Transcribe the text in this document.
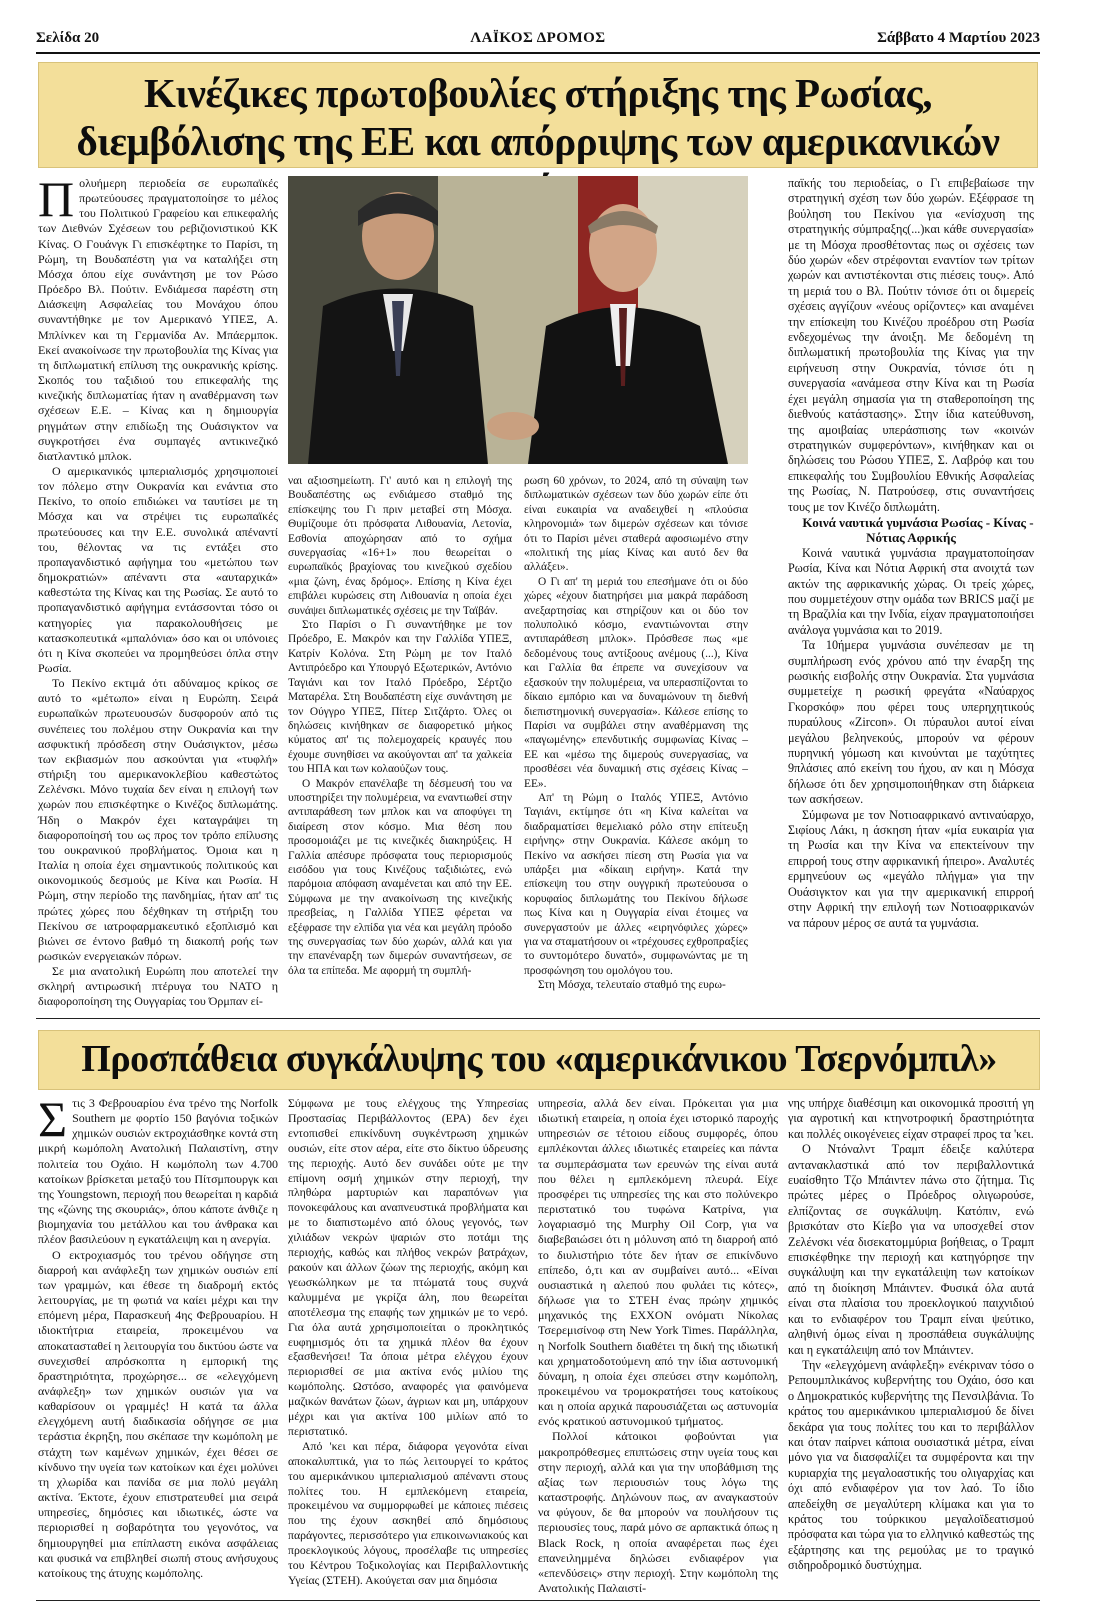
Σελίδα 20	ΛΑΪΚΟΣ ΔΡΟΜΟΣ	Σάββατο 4 Μαρτίου 2023
Κινέζικες πρωτοβουλίες στήριξης της Ρωσίας,
διεμβόλισης της ΕΕ και απόρριψης των αμερικανικών

Πολυήμερη περιοδεία σε ευρωπαϊκές πρωτεύουσες πραγματοποίησε το μέλος του Πολιτικού Γραφείου και επικεφαλής των Διεθνών Σχέσεων του ρεβιζιονιστικού ΚΚ Κίνας. Ο Γουάνγκ Γι επισκέφτηκε το Παρίσι, τη Ρώμη, τη Βουδαπέστη για να καταλήξει στη Μόσχα όπου είχε συνάντηση με τον Ρώσο Πρόεδρο Βλ. Πούτιν. Ενδιάμεσα παρέστη στη Διάσκεψη Ασφαλείας του Μονάχου όπου συναντήθηκε με τον Αμερικανό ΥΠΕΞ, Α. Μπλίνκεν και τη Γερμανίδα Αν. Μπάερμποκ. Εκεί ανακοίνωσε την πρωτοβουλία της Κίνας για τη διπλωματική επίλυση της ουκρανικής κρίσης. Σκοπός του ταξιδιού του επικεφαλής της κινεζικής διπλωματίας ήταν η αναθέρμανση των σχέσεων Ε.Ε. – Κίνας και η δημιουργία ρηγμάτων στην επιδίωξη της Ουάσιγκτον να συγκροτήσει ένα συμπαγές αντικινεζικό διατλαντικό μπλοκ.

Ο αμερικανικός ιμπεριαλισμός χρησιμοποιεί τον πόλεμο στην Ουκρανία και ενάντια στο Πεκίνο, το οποίο επιδιώκει να ταυτίσει με τη Μόσχα και να στρέψει τις ευρωπαϊκές πρωτεύουσες και την Ε.Ε. συνολικά απέναντί του, θέλοντας να τις εντάξει στο προπαγανδιστικό αφήγημα του «μετώπου των δημοκρατιών» απέναντι στα «αυταρχικά» καθεστώτα της Κίνας και της Ρωσίας. Σε αυτό το προπαγανδιστικό αφήγημα εντάσσονται τόσο οι κατηγορίες για παρακολουθήσεις με κατασκοπευτικά «μπαλόνια» όσο και οι υπόνοιες ότι η Κίνα σκοπεύει να προμηθεύσει όπλα στην Ρωσία.

Το Πεκίνο εκτιμά ότι αδύναμος κρίκος σε αυτό το «μέτωπο» είναι η Ευρώπη. Σειρά ευρωπαϊκών πρωτευουσών δυσφορούν από τις συνέπειες του πολέμου στην Ουκρανία και την ασφυκτική πρόσδεση στην Ουάσιγκτον, μέσω των εκβιασμών που ασκούνται για «τυφλή» στήριξη του αμερικανοκλεβίου καθεστώτος Ζελένσκι. Μόνο τυχαία δεν είναι η επιλογή των χωρών που επισκέφτηκε ο Κινέζος διπλωμάτης. Ήδη ο Μακρόν έχει καταγράψει τη διαφοροποίησή του ως προς τον τρόπο επίλυσης του ουκρανικού προβλήματος. Όμοια και η Ιταλία η οποία έχει σημαντικούς πολιτικούς και οικονομικούς δεσμούς με Κίνα και Ρωσία. Η Ρώμη, στην περίοδο της πανδημίας, ήταν απ' τις πρώτες χώρες που δέχθηκαν τη στήριξη του Πεκίνου σε ιατροφαρμακευτικό εξοπλισμό και βιώνει σε έντονο βαθμό τη διακοπή ροής των ρωσικών ενεργειακών πόρων.

Σε μια ανατολική Ευρώπη που αποτελεί την σκληρή αντιρωσική πτέρυγα του ΝΑΤΟ η διαφοροποίηση της Ουγγαρίας του Όρμπαν εί-

ναι αξιοσημείωτη. Γι' αυτό και η επιλογή της Βουδαπέστης ως ενδιάμεσο σταθμό της επίσκεψης του Γι πριν μεταβεί στη Μόσχα. Θυμίζουμε ότι πρόσφατα Λιθουανία, Λετονία, Εσθονία αποχώρησαν από το σχήμα συνεργασίας «16+1» που θεωρείται ο ευρωπαϊκός βραχίονας του κινεζικού σχεδίου «μια ζώνη, ένας δρόμος». Επίσης η Κίνα έχει επιβάλει κυρώσεις στη Λιθουανία η οποία έχει συνάψει διπλωματικές σχέσεις με την Ταϊβάν.

Στο Παρίσι ο Γι συναντήθηκε με τον Πρόεδρο, Ε. Μακρόν και την Γαλλίδα ΥΠΕΞ, Κατρίν Κολόνα. Στη Ρώμη με τον Ιταλό Αντιπρόεδρο και Υπουργό Εξωτερικών, Αντόνιο Ταγιάνι και τον Ιταλό Πρόεδρο, Σέρτζιο Ματαρέλα. Στη Βουδαπέστη είχε συνάντηση με τον Ούγγρο ΥΠΕΞ, Πίτερ Σιτζάρτο. Όλες οι δηλώσεις κινήθηκαν σε διαφορετικό μήκος κύματος απ' τις πολεμοχαρείς κραυγές που έχουμε συνηθίσει να ακούγονται απ' τα χαλκεία του ΗΠΑ και των κολαούζων τους.

Ο Μακρόν επανέλαβε τη δέσμευσή του να υποστηρίξει την πολυμέρεια, να εναντιωθεί στην αντιπαράθεση των μπλοκ και να αποφύγει τη διαίρεση στον κόσμο. Μια θέση που προσομοιάζει με τις κινεζικές διακηρύξεις. Η Γαλλία απέσυρε πρόσφατα τους περιορισμούς εισόδου για τους Κινέζους ταξιδιώτες, ενώ παρόμοια απόφαση αναμένεται και από την ΕΕ. Σύμφωνα με την ανακοίνωση της κινεζικής πρεσβείας, η Γαλλίδα ΥΠΕΞ φέρεται να εξέφρασε την ελπίδα για νέα και μεγάλη πρόοδο της συνεργασίας των δύο χωρών, αλλά και για την επανέναρξη των διμερών συναντήσεων, σε όλα τα επίπεδα. Με αφορμή τη συμπλή-

ρωση 60 χρόνων, το 2024, από τη σύναψη των διπλωματικών σχέσεων των δύο χωρών είπε ότι είναι ευκαιρία να αναδειχθεί η «πλούσια κληρονομιά» των διμερών σχέσεων και τόνισε ότι το Παρίσι μένει σταθερά αφοσιωμένο στην «πολιτική της μίας Κίνας και αυτό δεν θα αλλάξει».

Ο Γι απ' τη μεριά του επεσήμανε ότι οι δύο χώρες «έχουν διατηρήσει μια μακρά παράδοση ανεξαρτησίας και στηρίζουν και οι δύο τον πολυπολικό κόσμο, εναντιώνονται στην αντιπαράθεση μπλοκ». Πρόσθεσε πως «με δεδομένους τους αντίξοους ανέμους (...), Κίνα και Γαλλία θα έπρεπε να συνεχίσουν να εξασκούν την πολυμέρεια, να υπερασπίζονται το δίκαιο εμπόριο και να δυναμώνουν τη διεθνή διεπιστημονική συνεργασία». Κάλεσε επίσης το Παρίσι να συμβάλει στην αναθέρμανση της «παγωμένης» επενδυτικής συμφωνίας Κίνας – ΕΕ και «μέσω της διμερούς συνεργασίας, να προσθέσει νέα δυναμική στις σχέσεις Κίνας – ΕΕ».

Απ' τη Ρώμη ο Ιταλός ΥΠΕΞ, Αντόνιο Ταγιάνι, εκτίμησε ότι «η Κίνα καλείται να διαδραματίσει θεμελιακό ρόλο στην επίτευξη ειρήνης» στην Ουκρανία. Κάλεσε ακόμη το Πεκίνο να ασκήσει πίεση στη Ρωσία για να υπάρξει μια «δίκαιη ειρήνη». Κατά την επίσκεψη του στην ουγγρική πρωτεύουσα ο κορυφαίος διπλωμάτης του Πεκίνου δήλωσε πως Κίνα και η Ουγγαρία είναι έτοιμες να συνεργαστούν με άλλες «ειρηνόφιλες χώρες» για να σταματήσουν οι «τρέχουσες εχθροπραξίες το συντομότερο δυνατό», συμφωνώντας με τη προσφώνηση του ομολόγου του.

Στη Μόσχα, τελευταίο σταθμό της ευρω-

παϊκής του περιοδείας, ο Γι επιβεβαίωσε την στρατηγική σχέση των δύο χωρών. Εξέφρασε τη βούληση του Πεκίνου για «ενίσχυση της στρατηγικής σύμπραξης(...)και κάθε συνεργασία» με τη Μόσχα προσθέτοντας πως οι σχέσεις των δύο χωρών «δεν στρέφονται εναντίον των τρίτων χωρών και αντιστέκονται στις πιέσεις τους». Από τη μεριά του ο Βλ. Πούτιν τόνισε ότι οι διμερείς σχέσεις αγγίζουν «νέους ορίζοντες» και αναμένει την επίσκεψη του Κινέζου προέδρου στη Ρωσία ενδεχομένως την άνοιξη. Με δεδομένη τη διπλωματική πρωτοβουλία της Κίνας για την ειρήνευση στην Ουκρανία, τόνισε ότι η συνεργασία «ανάμεσα στην Κίνα και τη Ρωσία έχει μεγάλη σημασία για τη σταθεροποίηση της διεθνούς κατάστασης». Στην ίδια κατεύθυνση, της αμοιβαίας υπεράσπισης των «κοινών στρατηγικών συμφερόντων», κινήθηκαν και οι δηλώσεις του Ρώσου ΥΠΕΞ, Σ. Λαβρόφ και του επικεφαλής του Συμβουλίου Εθνικής Ασφαλείας της Ρωσίας, Ν. Πατρούσεφ, στις συναντήσεις τους με τον Κινέζο διπλωμάτη.

Κοινά ναυτικά γυμνάσια Ρωσίας - Κίνας - Νότιας Αφρικής

Κοινά ναυτικά γυμνάσια πραγματοποίησαν Ρωσία, Κίνα και Νότια Αφρική στα ανοιχτά των ακτών της αφρικανικής χώρας. Οι τρείς χώρες, που συμμετέχουν στην ομάδα των BRICS μαζί με τη Βραζιλία και την Ινδία, είχαν πραγματοποιήσει ανάλογα γυμνάσια και το 2019.

Τα 10ήμερα γυμνάσια συνέπεσαν με τη συμπλήρωση ενός χρόνου από την έναρξη της ρωσικής εισβολής στην Ουκρανία. Στα γυμνάσια συμμετείχε η ρωσική φρεγάτα «Ναύαρχος Γκορσκόφ» που φέρει τους υπερηχητικούς πυραύλους «Zircon». Οι πύραυλοι αυτοί είναι μεγάλου βεληνεκούς, μπορούν να φέρουν πυρηνική γόμωση και κινούνται με ταχύτητες 9πλάσιες από εκείνη του ήχου, αν και η Μόσχα δήλωσε ότι δεν χρησιμοποιήθηκαν στη διάρκεια των ασκήσεων.

Σύμφωνα με τον Νοτιοαφρικανό αντιναύαρχο, Σιφίους Λάκι, η άσκηση ήταν «μία ευκαιρία για τη Ρωσία και την Κίνα να επεκτείνουν την επιρροή τους στην αφρικανική ήπειρο». Αναλυτές ερμηνεύουν ως «μεγάλο πλήγμα» για την Ουάσιγκτον και για την αμερικανική επιρροή στην Αφρική την επιλογή των Νοτιοαφρικανών να πάρουν μέρος σε αυτά τα γυμνάσια.

Προσπάθεια συγκάλυψης του «αμερικάνικου Τσερνόμπιλ»

Στις 3 Φεβρουαρίου ένα τρένο της Norfolk Southern με φορτίο 150 βαγόνια τοξικών χημικών ουσιών εκτροχιάσθηκε κοντά στη μικρή κωμόπολη Ανατολική Παλαιστίνη, στην πολιτεία του Οχάιο. Η κωμόπολη των 4.700 κατοίκων βρίσκεται μεταξύ του Πίτσμπουργκ και της Youngstown, περιοχή που θεωρείται η καρδιά της «ζώνης της σκουριάς», όπου κάποτε άνθιζε η βιομηχανία του μετάλλου και του άνθρακα και πλέον βασιλεύουν η εγκατάλειψη και η ανεργία.

Ο εκτροχιασμός του τρένου οδήγησε στη διαρροή και ανάφλεξη των χημικών ουσιών επί των γραμμών, και έθεσε τη διαδρομή εκτός λειτουργίας, με τη φωτιά να καίει μέχρι και την επόμενη μέρα, Παρασκευή 4ης Φεβρουαρίου. Η ιδιοκτήτρια εταιρεία, προκειμένου να αποκατασταθεί η λειτουργία του δικτύου ώστε να συνεχισθεί απρόσκοπτα η εμπορική της δραστηριότητα, προχώρησε... σε «ελεγχόμενη ανάφλεξη» των χημικών ουσιών για να καθαρίσουν οι γραμμές! Η κατά τα άλλα ελεγχόμενη αυτή διαδικασία οδήγησε σε μια τεράστια έκρηξη, που σκέπασε την κωμόπολη με στάχτη των καμένων χημικών, έχει θέσει σε κίνδυνο την υγεία των κατοίκων και έχει μολύνει τη χλωρίδα και πανίδα σε μια πολύ μεγάλη ακτίνα. Έκτοτε, έχουν επιστρατευθεί μια σειρά υπηρεσίες, δημόσιες και ιδιωτικές, ώστε να περιορισθεί η σοβαρότητα του γεγονότος, να δημιουργηθεί μια επίπλαστη εικόνα ασφάλειας και φυσικά να επιβληθεί σιωπή στους ανήσυχους κατοίκους της άτυχης κωμόπολης.

Σύμφωνα με τους ελέγχους της Υπηρεσίας Προστασίας Περιβάλλοντος (ΕΡΑ) δεν έχει εντοπισθεί επικίνδυνη συγκέντρωση χημικών ουσιών, είτε στον αέρα, είτε στο δίκτυο ύδρευσης της περιοχής. Αυτό δεν συνάδει ούτε με την επίμονη οσμή χημικών στην περιοχή, την πληθώρα μαρτυριών και παραπόνων για πονοκεφάλους και αναπνευστικά προβλήματα και με το διαπιστωμένο από όλους γεγονός, των χιλιάδων νεκρών ψαριών στο ποτάμι της περιοχής, καθώς και πλήθος νεκρών βατράχων, ρακούν και άλλων ζώων της περιοχής, ακόμη και γεωσκώληκων με τα πτώματά τους συχνά καλυμμένα με γκρίζα άλη, που θεωρείται αποτέλεσμα της επαφής των χημικών με το νερό. Για όλα αυτά χρησιμοποιείται ο προκλητικός ευφημισμός ότι τα χημικά πλέον θα έχουν εξασθενήσει! Τα όποια μέτρα ελέγχου έχουν περιορισθεί σε μια ακτίνα ενός μιλίου της κωμόπολης. Ωστόσο, αναφορές για φαινόμενα μαζικών θανάτων ζώων, άγριων και μη, υπάρχουν μέχρι και για ακτίνα 100 μιλίων από το περιστατικό.

Από 'κει και πέρα, διάφορα γεγονότα είναι αποκαλυπτικά, για το πώς λειτουργεί το κράτος του αμερικάνικου ιμπεριαλισμού απέναντι στους πολίτες του. Η εμπλεκόμενη εταιρεία, προκειμένου να συμμορφωθεί με κάποιες πιέσεις που της έχουν ασκηθεί από δημόσιους παράγοντες, περισσότερο για επικοινωνιακούς και προεκλογικούς λόγους, προσέλαβε τις υπηρεσίες του Κέντρου Τοξικολογίας και Περιβαλλοντικής Υγείας (ΣΤΕΗ). Ακούγεται σαν μια δημόσια

υπηρεσία, αλλά δεν είναι. Πρόκειται για μια ιδιωτική εταιρεία, η οποία έχει ιστορικό παροχής υπηρεσιών σε τέτοιου είδους συμφορές, όπου εμπλέκονται άλλες ιδιωτικές εταιρείες και πάντα τα συμπεράσματα των ερευνών της είναι αυτά που θέλει η εμπλεκόμενη πλευρά. Είχε προσφέρει τις υπηρεσίες της και στο πολύνεκρο περιστατικό του τυφώνα Κατρίνα, για λογαριασμό της Murphy Oil Corp, για να διαβεβαιώσει ότι η μόλυνση από τη διαρροή από το διυλιστήριο τότε δεν ήταν σε επικίνδυνο επίπεδο, ό,τι και αν συμβαίνει αυτό... «Είναι ουσιαστικά η αλεπού που φυλάει τις κότες», δήλωσε για το ΣΤΕΗ ένας πρώην χημικός μηχανικός της EXXON ονόματι Νίκολας Τσερεμισίνοφ στη New York Times. Παράλληλα, η Norfolk Southern διαθέτει τη δική της ιδιωτική και χρηματοδοτούμενη από την ίδια αστυνομική δύναμη, η οποία έχει σπεύσει στην κωμόπολη, προκειμένου να τρομοκρατήσει τους κατοίκους και η οποία αρχικά παρουσιάζεται ως αστυνομία ενός κρατικού αστυνομικού τμήματος.

Πολλοί κάτοικοι φοβούνται για μακροπρόθεσμες επιπτώσεις στην υγεία τους και στην περιοχή, αλλά και για την υποβάθμιση της αξίας των περιουσιών τους λόγω της καταστροφής. Δηλώνουν πως, αν αναγκαστούν να φύγουν, δε θα μπορούν να πουλήσουν τις περιουσίες τους, παρά μόνο σε αρπακτικά όπως η Black Rock, η οποία αναφέρεται πως έχει επανειλημμένα δηλώσει ενδιαφέρον για «επενδύσεις» στην περιοχή. Στην κωμόπολη της Ανατολικής Παλαιστί-

νης υπήρχε διαθέσιμη και οικονομικά προσιτή γη για αγροτική και κτηνοτροφική δραστηριότητα και πολλές οικογένειες είχαν στραφεί προς τα 'κει.

Ο Ντόναλντ Τραμπ έδειξε καλύτερα αντανακλαστικά από τον περιβαλλοντικά ευαίσθητο Τζο Μπάιντεν πάνω στο ζήτημα. Τις πρώτες μέρες ο Πρόεδρος ολιγωρούσε, ελπίζοντας σε συγκάλυψη. Κατόπιν, ενώ βρισκόταν στο Κίεβο για να υποσχεθεί στον Ζελένσκι νέα δισεκατομμύρια βοήθειας, ο Τραμπ επισκέφθηκε την περιοχή και κατηγόρησε την συγκάλυψη και την εγκατάλειψη των κατοίκων από τη διοίκηση Μπάιντεν. Φυσικά όλα αυτά είναι στα πλαίσια του προεκλογικού παιχνιδιού και το ενδιαφέρον του Τραμπ είναι ψεύτικο, αληθινή όμως είναι η προσπάθεια συγκάλυψης και η εγκατάλειψη από τον Μπάιντεν.

Την «ελεγχόμενη ανάφλεξη» ενέκριναν τόσο ο Ρεπουμπλικάνος κυβερνήτης του Οχάιο, όσο και ο Δημοκρατικός κυβερνήτης της Πενσιλβάνια. Το κράτος του αμερικάνικου ιμπεριαλισμού δε δίνει δεκάρα για τους πολίτες του και το περιβάλλον και όταν παίρνει κάποια ουσιαστικά μέτρα, είναι μόνο για να διασφαλίζει τα συμφέροντα και την κυριαρχία της μεγαλοαστικής του ολιγαρχίας και όχι από ενδιαφέρον για τον λαό. Το ίδιο απεδείχθη σε μεγαλύτερη κλίμακα και για το κράτος του τούρκικου μεγαλοϊδεατισμού πρόσφατα και τώρα για το ελληνικό καθεστώς της εξάρτησης και της ρεμούλας με το τραγικό σιδηροδρομικό δυστύχημα.
